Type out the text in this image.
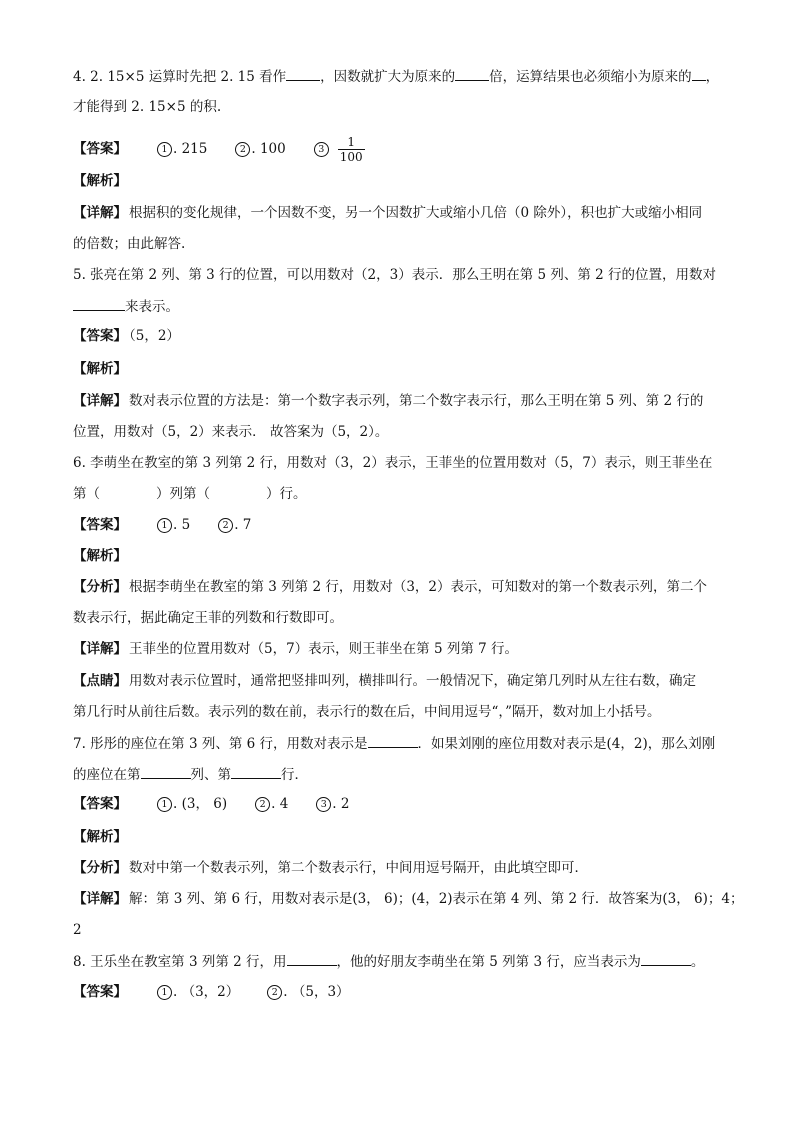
4. 2. 15×5 运算时先把 2. 15 看作	，因数就扩大为原来的	倍，运算结果也必须缩小为原来的 ，
才能得到 2. 15×5 的积.
【答案】	1 . 215	2 . 100	$3 \frac{1}{100}$
【解析】
【详解】 根据积的变化规律，一个因数不变，另一个因数扩大或缩小几倍（0 除外），积也扩大或缩小相同
的倍数；由此解答.
5. 张亮在第 2 列、第 3 行的位置，可以用数对（2，3）表示．那么王明在第 5 列、第 2 行的位置，用数对
来表示。
【答案】 （5，2）
【解析】
【详解】 数对表示位置的方法是：第一个数字表示列，第二个数字表示行，那么王明在第 5 列、第 2 行的
位置，用数对（5，2）来表示． 故答案为（5，2）。
6. 李萌坐在教室的第 3 列第 2 行，用数对（3，2）表示，王菲坐的位置用数对（5，7）表示，则王菲坐在
第（	）列第（	）行。
【答案】	1 . 5	2 . 7
【解析】
【分析】 根据李萌坐在教室的第 3 列第 2 行，用数对（3，2）表示，可知数对的第一个数表示列，第二个
数表示行，据此确定王菲的列数和行数即可。
【详解】 王菲坐的位置用数对（5，7）表示，则王菲坐在第 5 列第 7 行。
【点睛】 用数对表示位置时，通常把竖排叫列，横排叫行。一般情况下，确定第几列时从左往右数，确定
第几行时从前往后数。表示列的数在前，表示行的数在后，中间用逗号“，”隔开，数对加上小括号。
7. 彤彤的座位在第 3 列、第 6 行，用数对表示是	．如果刘刚的座位用数对表示是(4，2)，那么刘刚
的座位在第	列、第	行．
【答案】	1 . (3， 6)	2 . 4	3 . 2
【解析】
【分析】 数对中第一个数表示列，第二个数表示行，中间用逗号隔开，由此填空即可．
【详解】 解：第 3 列、第 6 行，用数对表示是(3， 6)；(4，2)表示在第 4 列、第 2 行．故答案为(3， 6)；4；
2
8. 王乐坐在教室第 3 列第 2 行，用	，他的好朋友李萌坐在第 5 列第 3 行，应当表示为	。
【答案】	1 . （3，2）	2 . （5，3）
